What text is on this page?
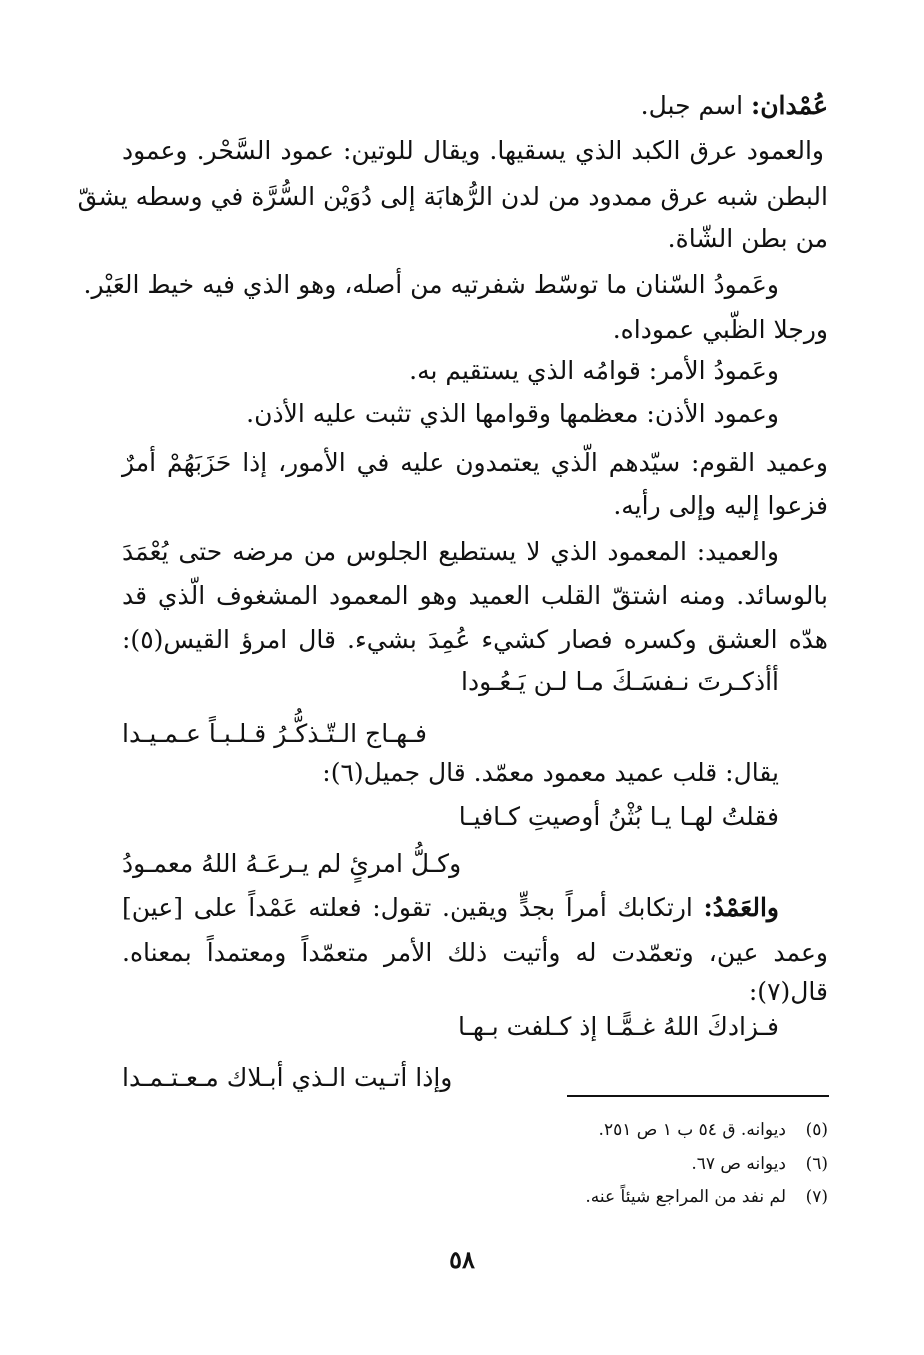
عُمْدان: اسم جبل.
والعمود عرق الكبد الذي يسقيها. ويقال للوتين: عمود السَّحْر. وعمود
البطن شبه عرق ممدود من لدن الرُّهابَة إلى دُوَيْن السُّرَّة في وسطه يشقّ
من بطن الشّاة.
وعَمودُ السّنان ما توسّط شفرتيه من أصله، وهو الذي فيه خيط العَيْر.
ورجلا الظّبي عموداه.
وعَمودُ الأمر: قوامُه الذي يستقيم به.
وعمود الأذن: معظمها وقوامها الذي تثبت عليه الأذن.
وعميد القوم: سيّدهم الّذي يعتمدون عليه في الأمور، إذا حَزَبَهُمْ أمرٌ
فزعوا إليه وإلى رأيه.
والعميد: المعمود الذي لا يستطيع الجلوس من مرضه حتى يُعْمَدَ
بالوسائد. ومنه اشتقّ القلب العميد وهو المعمود المشغوف الّذي قد
هدّه العشق وكسره فصار كشيء عُمِدَ بشيء. قال امرؤ القيس(٥):
أأذكـرتَ نـفسَـكَ مـا لـن يَـعُـودا
فـهـاج الـتّـذكُّـرُ قـلـبـاً عـمـيـدا
يقال: قلب عميد معمود معمّد. قال جميل(٦):
فقلتُ لهـا يـا بُثْنُ أوصيتِ كـافيـا
وكـلُّ امرئٍ لم يـرعَـهُ اللهُ معمـودُ
والعَمْدُ: ارتكابك أمراً بجدٍّ ويقين. تقول: فعلته عَمْداً على [عين]
وعمد عين، وتعمّدت له وأتيت ذلك الأمر متعمّداً ومعتمداً بمعناه.
قال(٧):
فـزادكَ اللهُ غـمًّـا إذ كـلفت بـهـا
وإذا أتـيت الـذي أبـلاك مـعـتـمـدا
(٥)ديوانه. ق ٥٤ ب ١ ص ٢٥١.
(٦)ديوانه ص ٦٧.
(٧)لم نفد من المراجع شيئاً عنه.
٥٨
